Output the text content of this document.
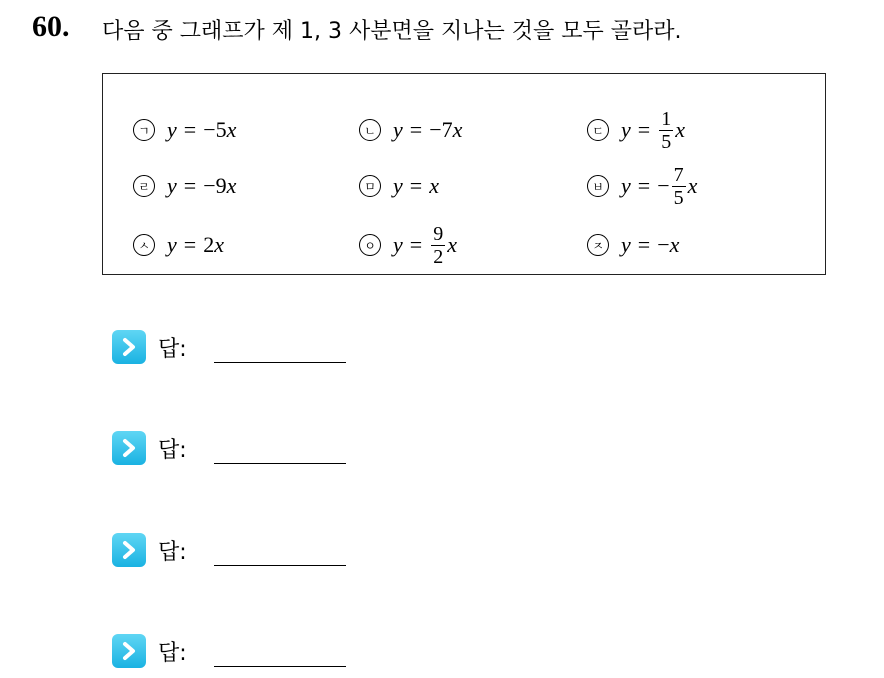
60. 다음 중 그래프가 제 1, 3 사분면을 지나는 것을 모두 골라라.
ㄱ y = −5 x	ㄴ y = −7 x	ㄷ $y = \frac{1}{5}$ x
ㄹ y = −9 x	ㅁ y = x	ㅂ y = − $\frac{7}{5}$ x
ㅅ y = 2 x	ㅇ $y = \frac{9}{2}$ x	ㅈ y = − x
답:
답:
답:
답:
